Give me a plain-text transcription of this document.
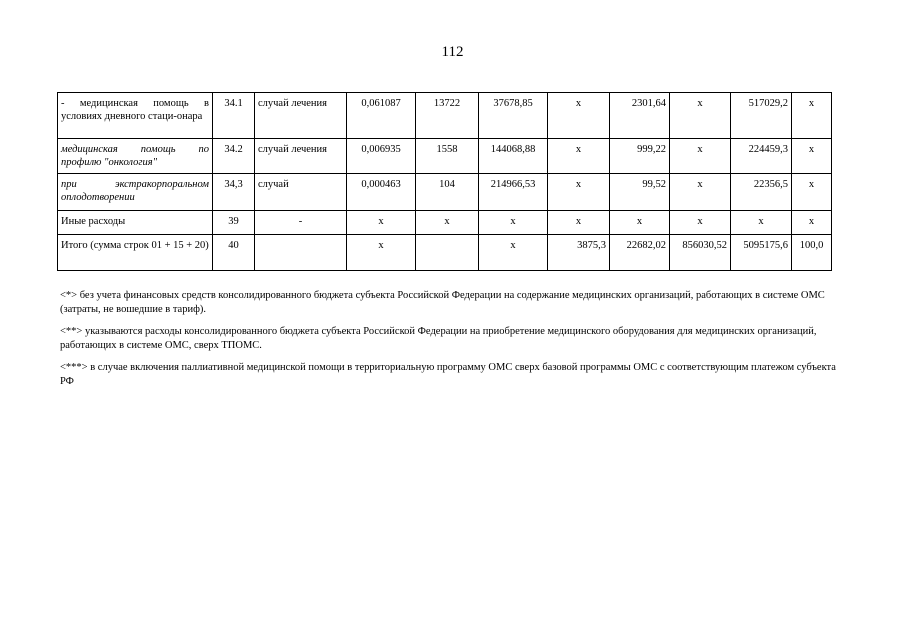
112
- медицинская помощь в условиях дневного стаци-онара	34.1	случай лечения	0,061087	13722	37678,85	x	2301,64	x	517029,2	x
медицинская помощь по профилю "онкология"	34.2	случай лечения	0,006935	1558	144068,88	x	999,22	x	224459,3	x
при экстракорпоральном оплодотворении	34,3	случай	0,000463	104	214966,53	x	99,52	x	22356,5	x
Иные расходы	39	-	x	x	x	x	x	x	x	x
Итого (сумма строк 01 + 15 + 20)	40		x		x	3875,3	22682,02	856030,52	5095175,6	100,0

<*> без учета финансовых средств консолидированного бюджета субъекта Российской Федерации на содержание медицинских организаций, работающих в системе ОМС (затраты, не вошедшие в тариф).

<**> указываются расходы консолидированного бюджета субъекта Российской Федерации на приобретение медицинского оборудования для медицинских организаций, работающих в системе ОМС, сверх ТПОМС.

<***> в случае включения паллиативной медицинской помощи в территориальную программу ОМС сверх базовой программы ОМС с соответствующим платежом субъекта РФ
